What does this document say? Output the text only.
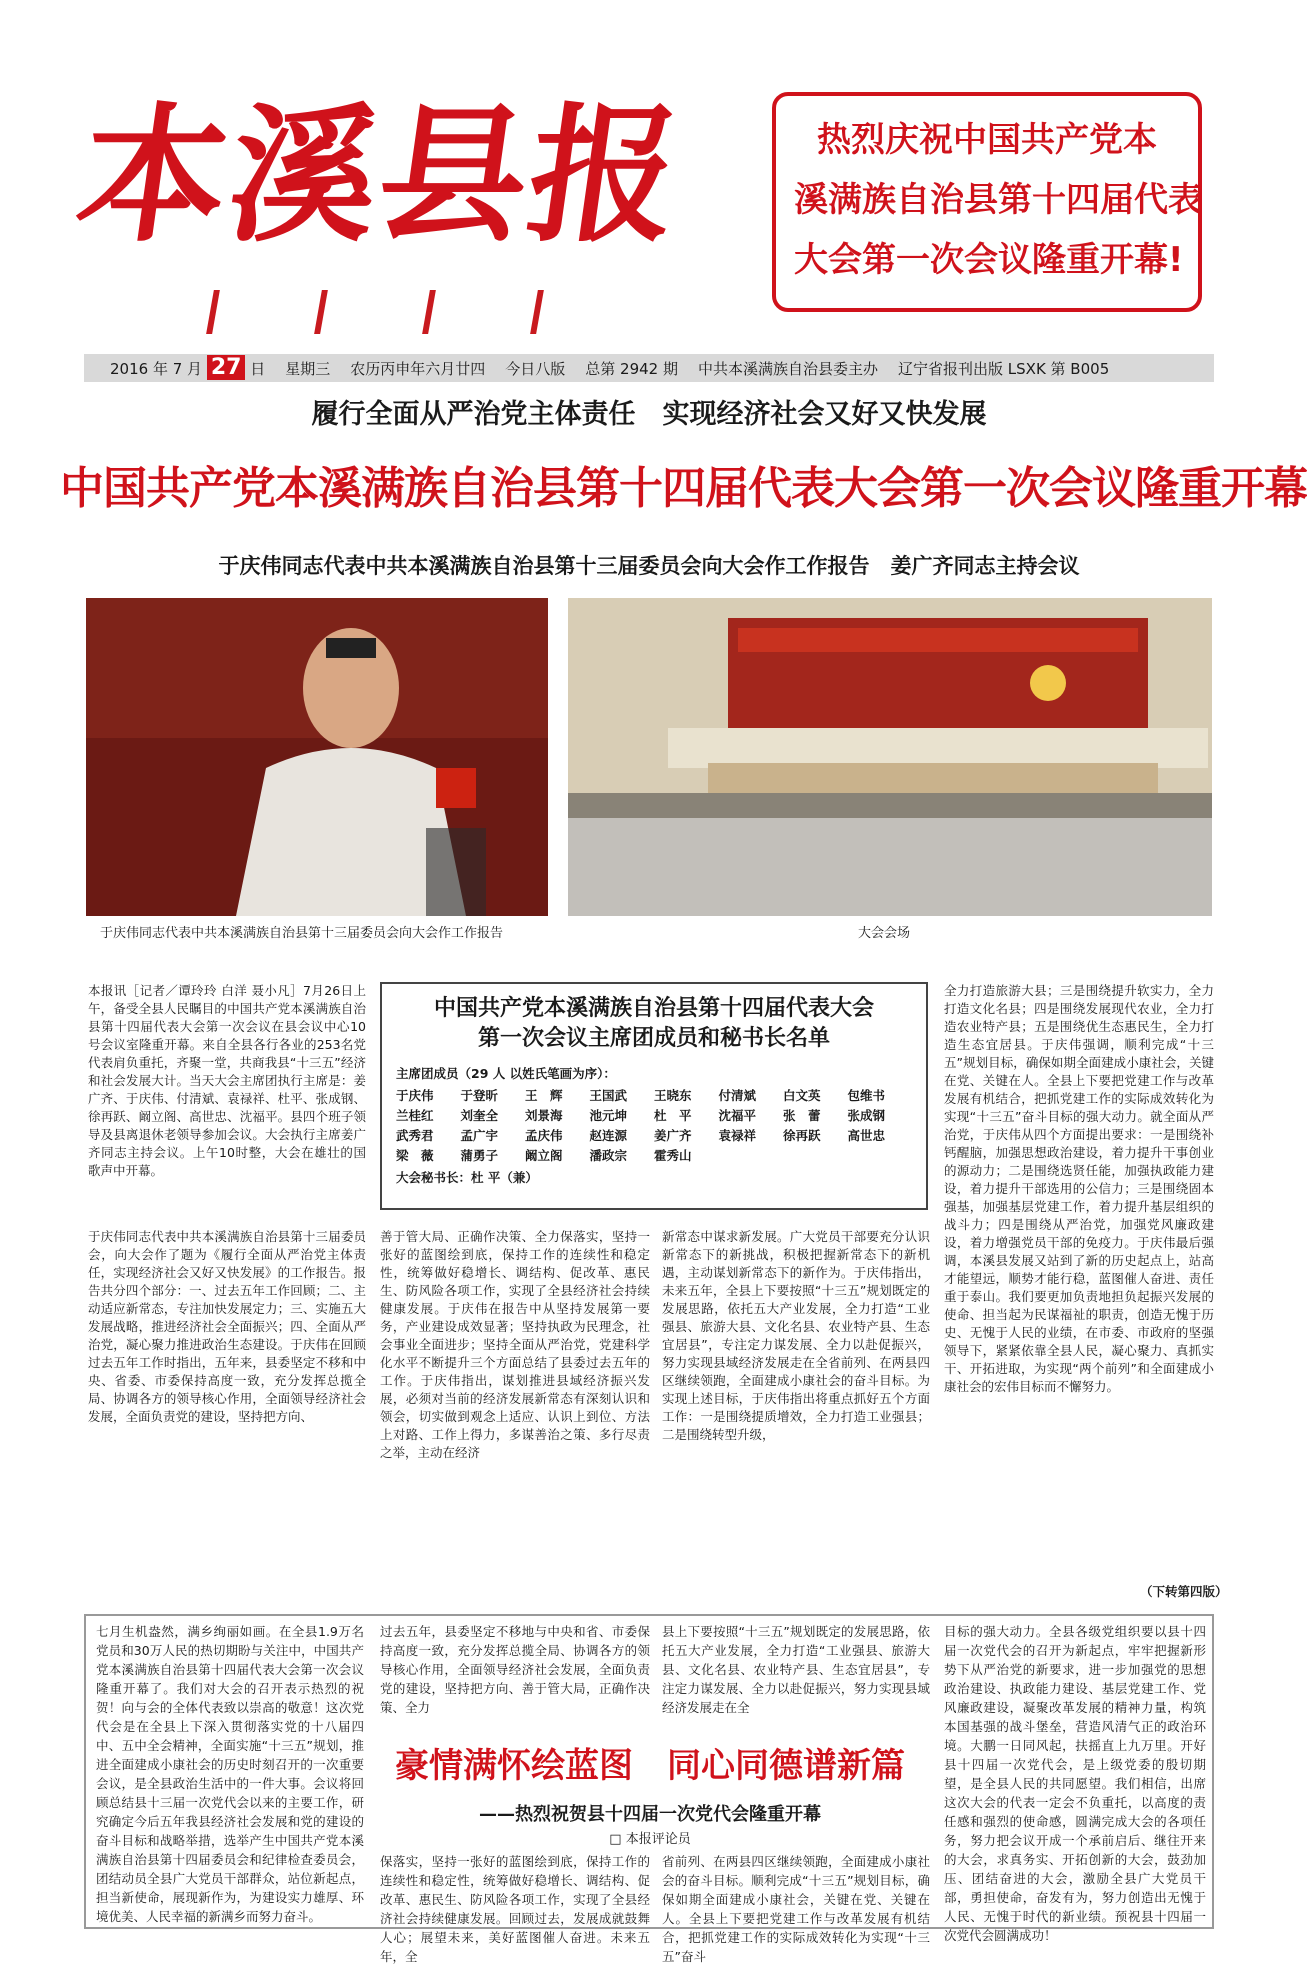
本溪县报	热烈庆祝中国共产党本
溪满族自治县第十四届代表
大会第一次会议隆重开幕!
2016 年 7 月 27 日 星期三 农历丙申年六月廿四 今日八版 总第 2942 期 中共本溪满族自治县委主办 辽宁省报刊出版 LSXK 第 B005
履行全面从严治党主体责任　实现经济社会又好又快发展
中国共产党本溪满族自治县第十四届代表大会第一次会议隆重开幕
于庆伟同志代表中共本溪满族自治县第十三届委员会向大会作工作报告　姜广齐同志主持会议
于庆伟同志代表中共本溪满族自治县第十三届委员会向大会作工作报告	大会会场
本报讯［记者／谭玲玲 白洋 聂小凡］7月26日上午，备受全县人民瞩目的中国共产党本溪满族自治县第十四届代表大会第一次会议在县会议中心10号会议室隆重开幕。来自全县各行各业的253名党代表肩负重托，齐聚一堂，共商我县“十三五”经济和社会发展大计。当天大会主席团执行主席是：姜广齐、于庆伟、付清斌、袁禄祥、杜平、张成钢、徐再跃、阚立阁、高世忠、沈福平。县四个班子领导及县离退休老领导参加会议。大会执行主席姜广齐同志主持会议。上午10时整，大会在雄壮的国歌声中开幕。
于庆伟同志代表中共本溪满族自治县第十三届委员会，向大会作了题为《履行全面从严治党主体责任，实现经济社会又好又快发展》的工作报告。报告共分四个部分：一、过去五年工作回顾；二、主动适应新常态，专注加快发展定力；三、实施五大发展战略，推进经济社会全面振兴；四、全面从严治党，凝心聚力推进政治生态建设。于庆伟在回顾过去五年工作时指出，五年来，县委坚定不移和中央、省委、市委保持高度一致，充分发挥总揽全局、协调各方的领导核心作用，全面领导经济社会发展，全面负责党的建设，坚持把方向、
善于管大局、正确作决策、全力保落实，坚持一张好的蓝图绘到底，保持工作的连续性和稳定性，统筹做好稳增长、调结构、促改革、惠民生、防风险各项工作，实现了全县经济社会持续健康发展。于庆伟在报告中从坚持发展第一要务，产业建设成效显著；坚持执政为民理念，社会事业全面进步；坚持全面从严治党，党建科学化水平不断提升三个方面总结了县委过去五年的工作。于庆伟指出，谋划推进县域经济振兴发展，必须对当前的经济发展新常态有深刻认识和领会，切实做到观念上适应、认识上到位、方法上对路、工作上得力，多谋善治之策、多行尽责之举，主动在经济
新常态中谋求新发展。广大党员干部要充分认识新常态下的新挑战，积极把握新常态下的新机遇，主动谋划新常态下的新作为。于庆伟指出，未来五年，全县上下要按照“十三五”规划既定的发展思路，依托五大产业发展，全力打造“工业强县、旅游大县、文化名县、农业特产县、生态宜居县”，专注定力谋发展、全力以赴促振兴，努力实现县域经济发展走在全省前列、在两县四区继续领跑，全面建成小康社会的奋斗目标。为实现上述目标，于庆伟指出将重点抓好五个方面工作：一是围绕提质增效，全力打造工业强县；二是围绕转型升级，
全力打造旅游大县；三是围绕提升软实力，全力打造文化名县；四是围绕发展现代农业，全力打造农业特产县；五是围绕优生态惠民生，全力打造生态宜居县。于庆伟强调，顺利完成“十三五”规划目标，确保如期全面建成小康社会，关键在党、关键在人。全县上下要把党建工作与改革发展有机结合，把抓党建工作的实际成效转化为实现“十三五”奋斗目标的强大动力。就全面从严治党，于庆伟从四个方面提出要求：一是围绕补钙醒脑，加强思想政治建设，着力提升干事创业的源动力；二是围绕选贤任能，加强执政能力建设，着力提升干部选用的公信力；三是围绕固本强基，加强基层党建工作，着力提升基层组织的战斗力；四是围绕从严治党，加强党风廉政建设，着力增强党员干部的免疫力。于庆伟最后强调，本溪县发展又站到了新的历史起点上，站高才能望远，顺势才能行稳，蓝图催人奋进、责任重于泰山。我们要更加负责地担负起振兴发展的使命、担当起为民谋福祉的职责，创造无愧于历史、无愧于人民的业绩，在市委、市政府的坚强领导下，紧紧依靠全县人民，凝心聚力、真抓实干、开拓进取，为实现“两个前列”和全面建成小康社会的宏伟目标而不懈努力。
（下转第四版）
中国共产党本溪满族自治县第十四届代表大会
第一次会议主席团成员和秘书长名单
主席团成员（29 人 以姓氏笔画为序）：
于庆伟	于登昕	王　辉	王国武	王晓东	付清斌	白文英	包维书
兰桂红	刘奎全	刘景海	池元坤	杜　平	沈福平	张　蕾	张成钢
武秀君	孟广宇	孟庆伟	赵连源	姜广齐	袁禄祥	徐再跃	高世忠
梁　薇	蒲勇子	阚立阁	潘政宗	霍秀山
大会秘书长：杜 平（兼）
七月生机盎然，满乡绚丽如画。在全县1.9万名党员和30万人民的热切期盼与关注中，中国共产党本溪满族自治县第十四届代表大会第一次会议隆重开幕了。我们对大会的召开表示热烈的祝贺！向与会的全体代表致以崇高的敬意！这次党代会是在全县上下深入贯彻落实党的十八届四中、五中全会精神，全面实施“十三五”规划，推进全面建成小康社会的历史时刻召开的一次重要会议，是全县政治生活中的一件大事。会议将回顾总结县十三届一次党代会以来的主要工作，研究确定今后五年我县经济社会发展和党的建设的奋斗目标和战略举措，选举产生中国共产党本溪满族自治县第十四届委员会和纪律检查委员会，团结动员全县广大党员干部群众，站位新起点，担当新使命，展现新作为，为建设实力雄厚、环境优美、人民幸福的新满乡而努力奋斗。
过去五年，县委坚定不移地与中央和省、市委保持高度一致，充分发挥总揽全局、协调各方的领导核心作用，全面领导经济社会发展，全面负责党的建设，坚持把方向、善于管大局，正确作决策、全力
县上下要按照“十三五”规划既定的发展思路，依托五大产业发展，全力打造“工业强县、旅游大县、文化名县、农业特产县、生态宜居县”，专注定力谋发展、全力以赴促振兴，努力实现县域经济发展走在全
豪情满怀绘蓝图　同心同德谱新篇
——热烈祝贺县十四届一次党代会隆重开幕
□ 本报评论员
保落实，坚持一张好的蓝图绘到底，保持工作的连续性和稳定性，统筹做好稳增长、调结构、促改革、惠民生、防风险各项工作，实现了全县经济社会持续健康发展。回顾过去，发展成就鼓舞人心；展望未来，美好蓝图催人奋进。未来五年，全
省前列、在两县四区继续领跑，全面建成小康社会的奋斗目标。顺利完成“十三五”规划目标，确保如期全面建成小康社会，关键在党、关键在人。全县上下要把党建工作与改革发展有机结合，把抓党建工作的实际成效转化为实现“十三五”奋斗
目标的强大动力。全县各级党组织要以县十四届一次党代会的召开为新起点，牢牢把握新形势下从严治党的新要求，进一步加强党的思想政治建设、执政能力建设、基层党建工作、党风廉政建设，凝聚改革发展的精神力量，构筑本国基强的战斗堡垒，营造风清气正的政治环境。大鹏一日同风起，扶摇直上九万里。开好县十四届一次党代会，是上级党委的殷切期望，是全县人民的共同愿望。我们相信，出席这次大会的代表一定会不负重托，以高度的责任感和强烈的使命感，圆满完成大会的各项任务，努力把会议开成一个承前启后、继往开来的大会，求真务实、开拓创新的大会，鼓劲加压、团结奋进的大会，激励全县广大党员干部，勇担使命，奋发有为，努力创造出无愧于人民、无愧于时代的新业绩。预祝县十四届一次党代会圆满成功！
